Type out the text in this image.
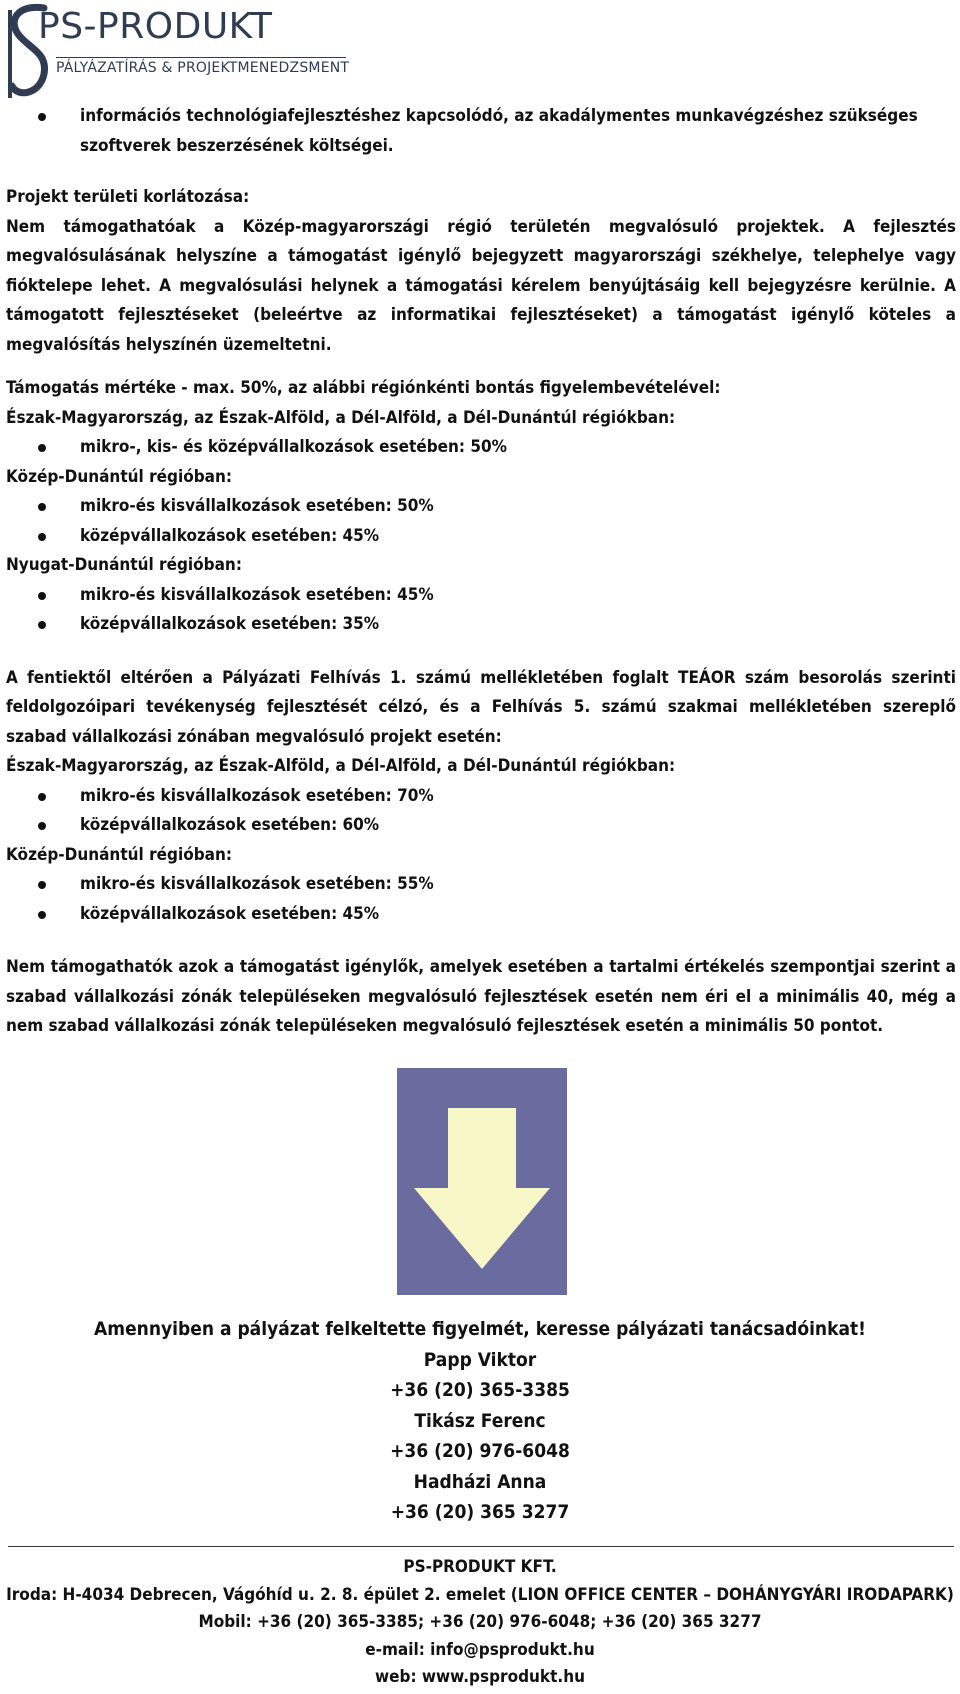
PS-PRODUKT
PÁLYÁZATÍRÁS & PROJEKTMENEDZSMENT
információs technológiafejlesztéshez kapcsolódó, az akadálymentes munkavégzéshez szükséges szoftverek beszerzésének költségei.

Projekt területi korlátozása:

Nem támogathatóak a Közép-magyarországi régió területén megvalósuló projektek. A fejlesztés megvalósulásának helyszíne a támogatást igénylő bejegyzett magyarországi székhelye, telephelye vagy fióktelepe lehet. A megvalósulási helynek a támogatási kérelem benyújtásáig kell bejegyzésre kerülnie. A támogatott fejlesztéseket (beleértve az informatikai fejlesztéseket) a támogatást igénylő köteles a megvalósítás helyszínén üzemeltetni.

Támogatás mértéke - max. 50%, az alábbi régiónkénti bontás figyelembevételével:

Észak-Magyarország, az Észak-Alföld, a Dél-Alföld, a Dél-Dunántúl régiókban:

mikro-, kis- és középvállalkozások esetében: 50%

Közép-Dunántúl régióban:

mikro-és kisvállalkozások esetében: 50%
középvállalkozások esetében: 45%

Nyugat-Dunántúl régióban:

mikro-és kisvállalkozások esetében: 45%
középvállalkozások esetében: 35%

A fentiektől eltérően a Pályázati Felhívás 1. számú mellékletében foglalt TEÁOR szám besorolás szerinti feldolgozóipari tevékenység fejlesztését célzó, és a Felhívás 5. számú szakmai mellékletében szereplő szabad vállalkozási zónában megvalósuló projekt esetén:

Észak-Magyarország, az Észak-Alföld, a Dél-Alföld, a Dél-Dunántúl régiókban:

mikro-és kisvállalkozások esetében: 70%
középvállalkozások esetében: 60%

Közép-Dunántúl régióban:

mikro-és kisvállalkozások esetében: 55%
középvállalkozások esetében: 45%

Nem támogathatók azok a támogatást igénylők, amelyek esetében a tartalmi értékelés szempontjai szerint a szabad vállalkozási zónák településeken megvalósuló fejlesztések esetén nem éri el a minimális 40, még a nem szabad vállalkozási zónák településeken megvalósuló fejlesztések esetén a minimális 50 pontot.

Amennyiben a pályázat felkeltette figyelmét, keresse pályázati tanácsadóinkat!
Papp Viktor
+36 (20) 365-3385
Tikász Ferenc
+36 (20) 976-6048
Hadházi Anna
+36 (20) 365 3277
PS-PRODUKT KFT.
Iroda: H-4034 Debrecen, Vágóhíd u. 2. 8. épület 2. emelet (LION OFFICE CENTER – DOHÁNYGYÁRI IRODAPARK)
Mobil: +36 (20) 365-3385; +36 (20) 976-6048; +36 (20) 365 3277
e-mail: info@psprodukt.hu
web: www.psprodukt.hu
